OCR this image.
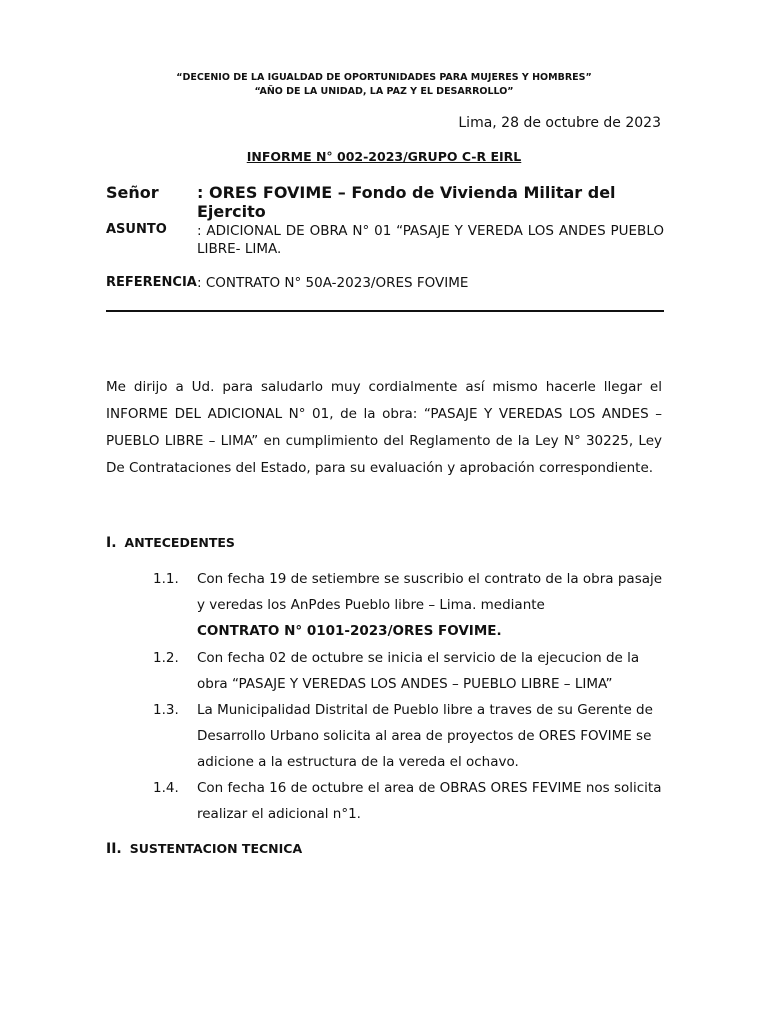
“DECENIO DE LA IGUALDAD DE OPORTUNIDADES PARA MUJERES Y HOMBRES”
“AÑO DE LA UNIDAD, LA PAZ Y EL DESARROLLO”
Lima, 28 de octubre de 2023
INFORME N° 002-2023/GRUPO C-R EIRL
Señor : ORES FOVIME – Fondo de Vivienda Militar del Ejercito
ASUNTO : ADICIONAL DE OBRA N° 01 “PASAJE Y VEREDA LOS ANDES PUEBLO LIBRE- LIMA.
REFERENCIA : CONTRATO N° 50A-2023/ORES FOVIME
Me dirijo a Ud. para saludarlo muy cordialmente así mismo hacerle llegar el INFORME DEL ADICIONAL N° 01, de la obra: “PASAJE Y VEREDAS LOS ANDES – PUEBLO LIBRE – LIMA” en cumplimiento del Reglamento de la Ley N° 30225, Ley De Contrataciones del Estado, para su evaluación y aprobación correspondiente.
I. ANTECEDENTES
1.1. Con fecha 19 de setiembre se suscribio el contrato de la obra pasaje y veredas los AnPdes Pueblo libre – Lima. mediante
CONTRATO N° 0101-2023/ORES FOVIME.
1.2. Con fecha 02 de octubre se inicia el servicio de la ejecucion de la obra “PASAJE Y VEREDAS LOS ANDES – PUEBLO LIBRE – LIMA”
1.3. La Municipalidad Distrital de Pueblo libre a traves de su Gerente de Desarrollo Urbano solicita al area de proyectos de ORES FOVIME se adicione a la estructura de la vereda el ochavo.
1.4. Con fecha 16 de octubre el area de OBRAS ORES FEVIME nos solicita realizar el adicional n°1.
II. SUSTENTACION TECNICA
